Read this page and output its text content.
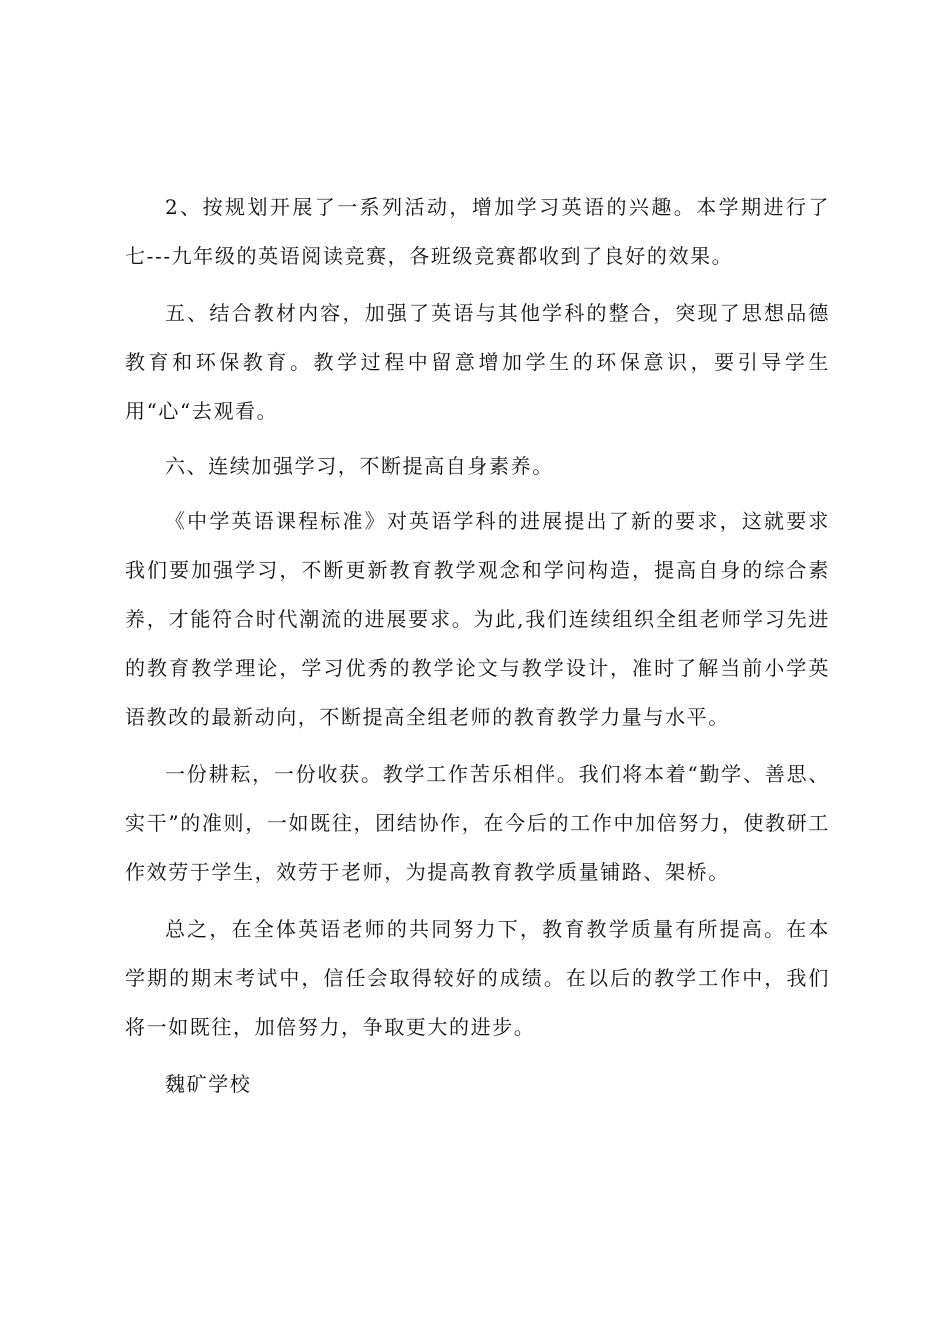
2、按规划开展了一系列活动，增加学习英语的兴趣。本学期进行了七---九年级的英语阅读竞赛，各班级竞赛都收到了良好的效果。

五、结合教材内容，加强了英语与其他学科的整合，突现了思想品德教育和环保教育。教学过程中留意增加学生的环保意识，要引导学生用“心“去观看。

六、连续加强学习，不断提高自身素养。

《中学英语课程标准》对英语学科的进展提出了新的要求，这就要求我们要加强学习，不断更新教育教学观念和学问构造，提高自身的综合素养，才能符合时代潮流的进展要求。为此,我们连续组织全组老师学习先进的教育教学理论，学习优秀的教学论文与教学设计，准时了解当前小学英语教改的最新动向，不断提高全组老师的教育教学力量与水平。

一份耕耘，一份收获。教学工作苦乐相伴。我们将本着“勤学、善思、实干”的准则，一如既往，团结协作，在今后的工作中加倍努力，使教研工作效劳于学生，效劳于老师，为提高教育教学质量铺路、架桥。

总之，在全体英语老师的共同努力下，教育教学质量有所提高。在本学期的期末考试中，信任会取得较好的成绩。在以后的教学工作中，我们将一如既往，加倍努力，争取更大的进步。

魏矿学校
